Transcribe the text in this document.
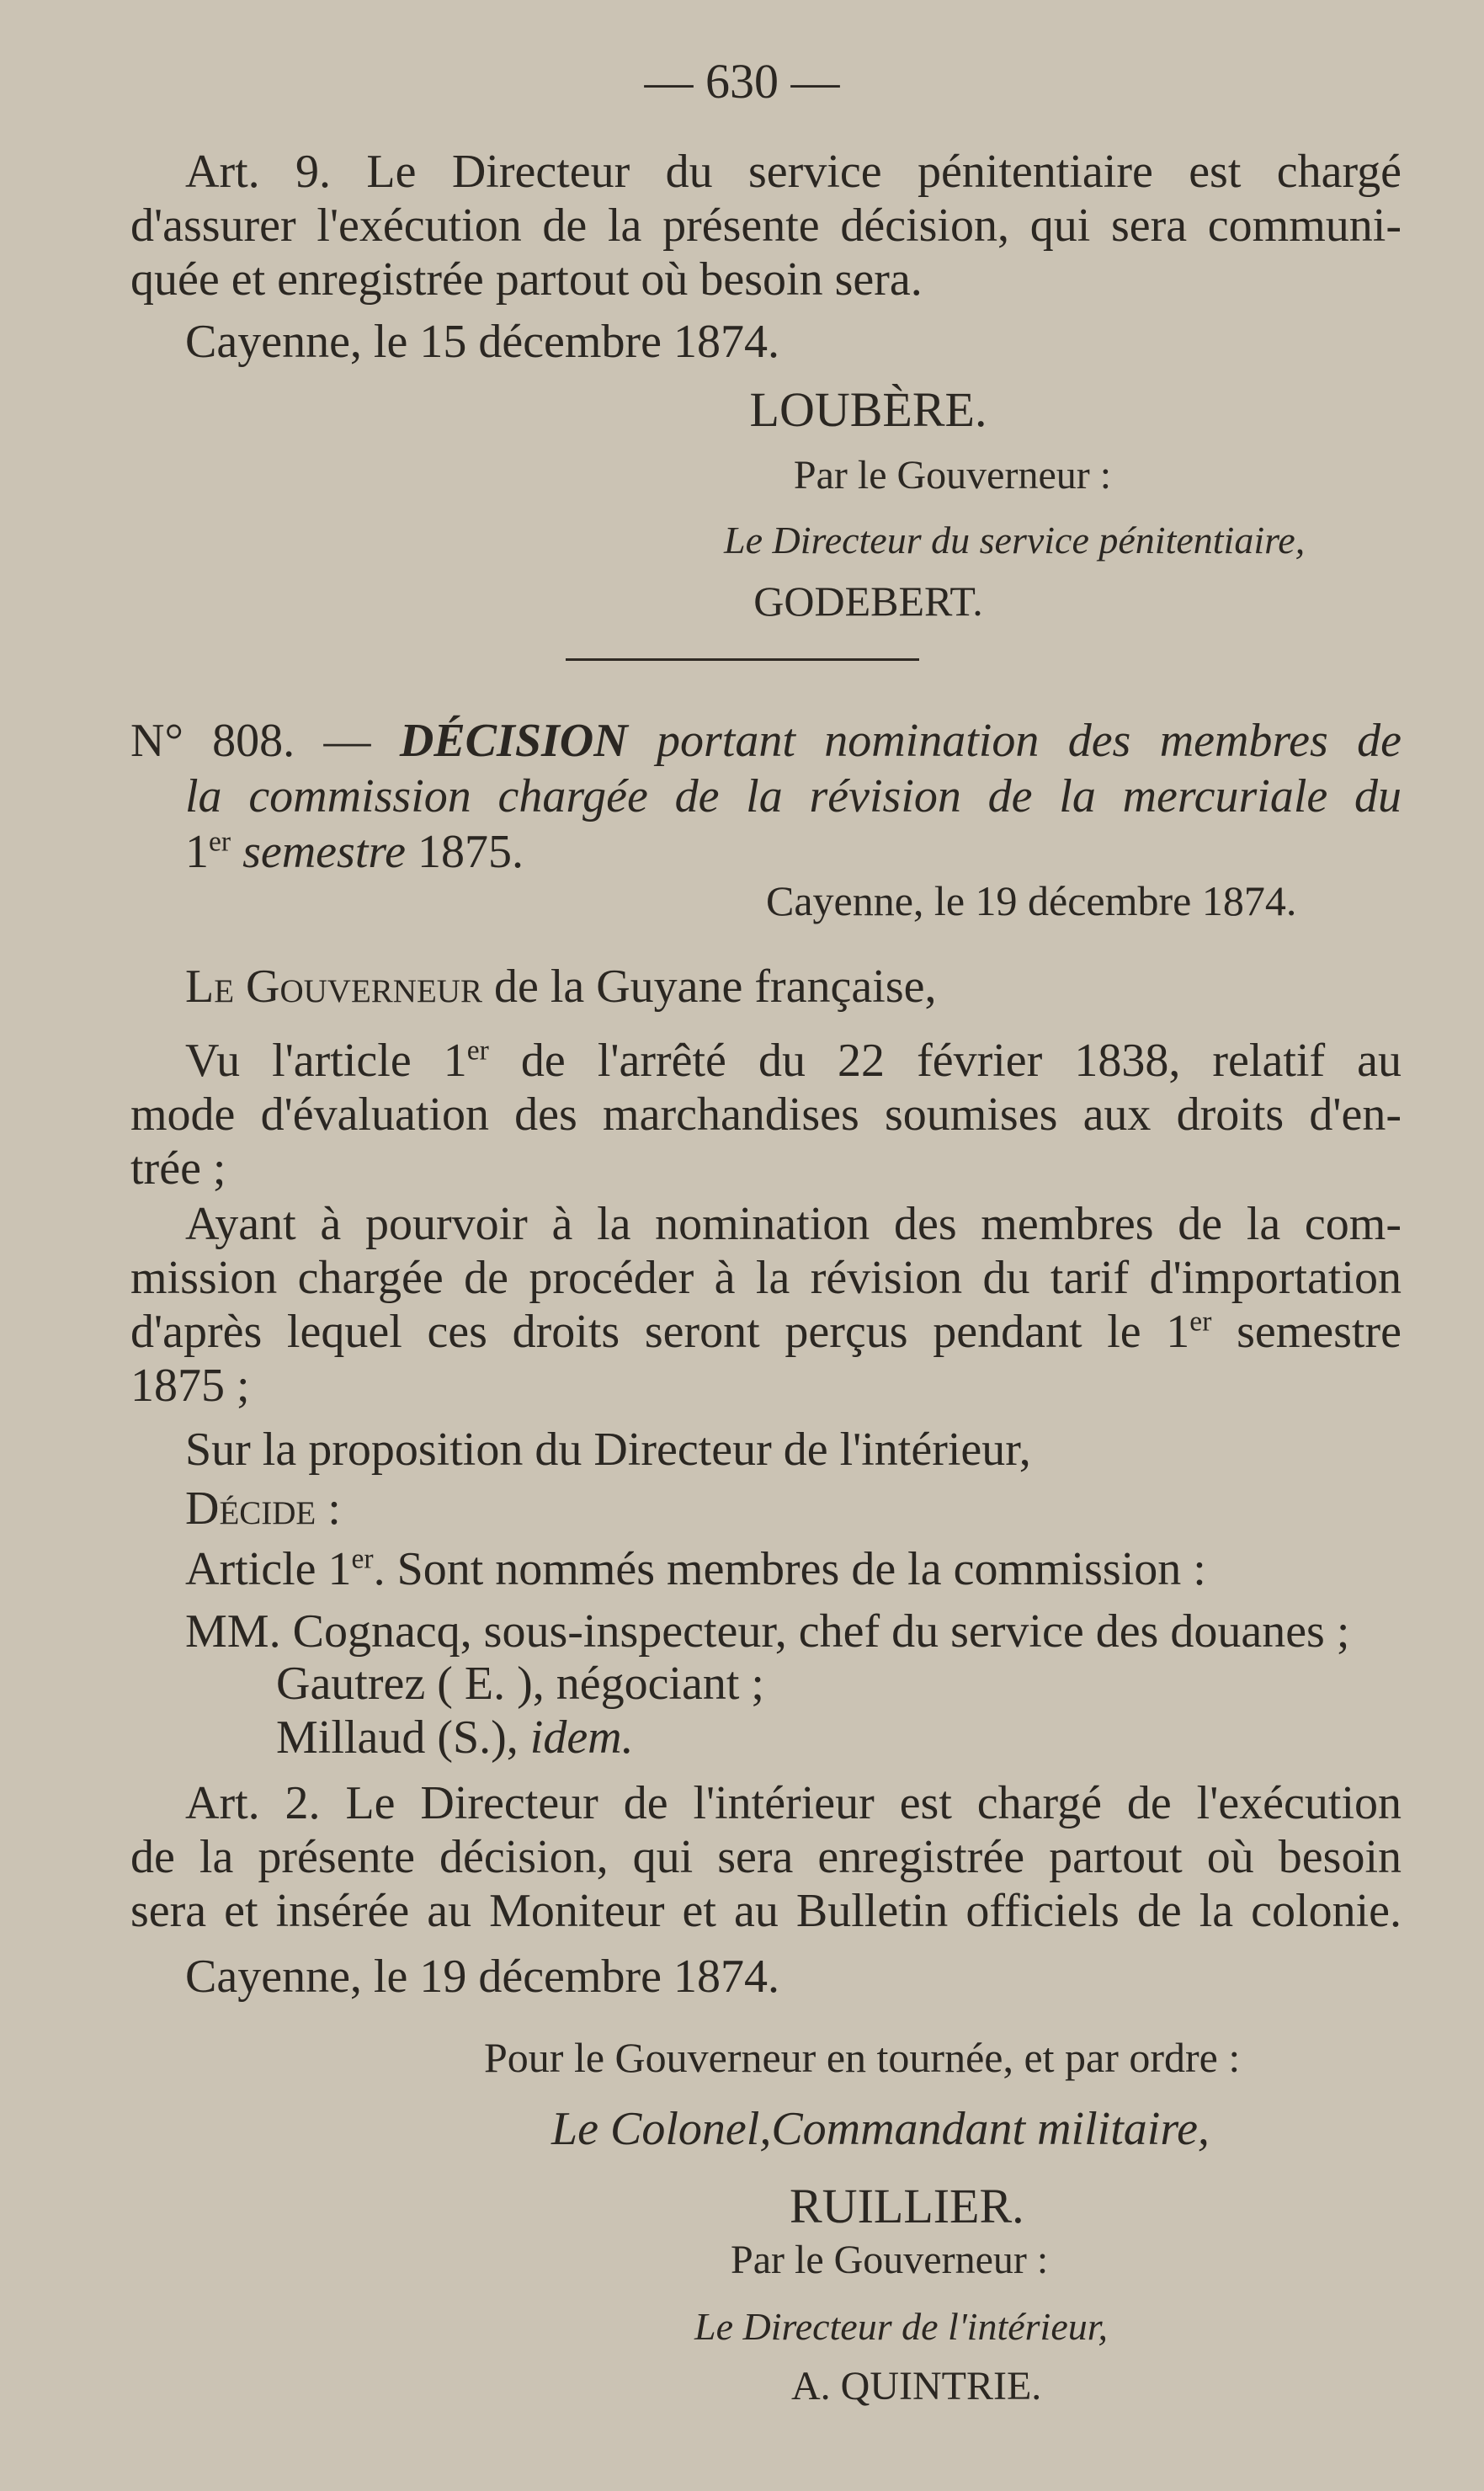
— 630 —
Art. 9. Le Directeur du service pénitentiaire est chargé
d'assurer l'exécution de la présente décision, qui sera communi-
quée et enregistrée partout où besoin sera.
Cayenne, le 15 décembre 1874.
LOUBÈRE.
Par le Gouverneur :
Le Directeur du service pénitentiaire,
GODEBERT.
N° 808. — DÉCISION portant nomination des membres de
la commission chargée de la révision de la mercuriale du
1er semestre 1875.
Cayenne, le 19 décembre 1874.
Le Gouverneur de la Guyane française,
Vu l'article 1er de l'arrêté du 22 février 1838, relatif au
mode d'évaluation des marchandises soumises aux droits d'en-
trée ;
Ayant à pourvoir à la nomination des membres de la com-
mission chargée de procéder à la révision du tarif d'importation
d'après lequel ces droits seront perçus pendant le 1er semestre
1875 ;
Sur la proposition du Directeur de l'intérieur,
Décide :
Article 1er. Sont nommés membres de la commission :
MM. Cognacq, sous-inspecteur, chef du service des douanes ;
Gautrez ( E. ), négociant ;
Millaud (S.), idem.
Art. 2. Le Directeur de l'intérieur est chargé de l'exécution
de la présente décision, qui sera enregistrée partout où besoin
sera et insérée au Moniteur et au Bulletin officiels de la colonie.
Cayenne, le 19 décembre 1874.
Pour le Gouverneur en tournée, et par ordre :
Le Colonel,Commandant militaire,
RUILLIER.
Par le Gouverneur :
Le Directeur de l'intérieur,
A. QUINTRIE.
